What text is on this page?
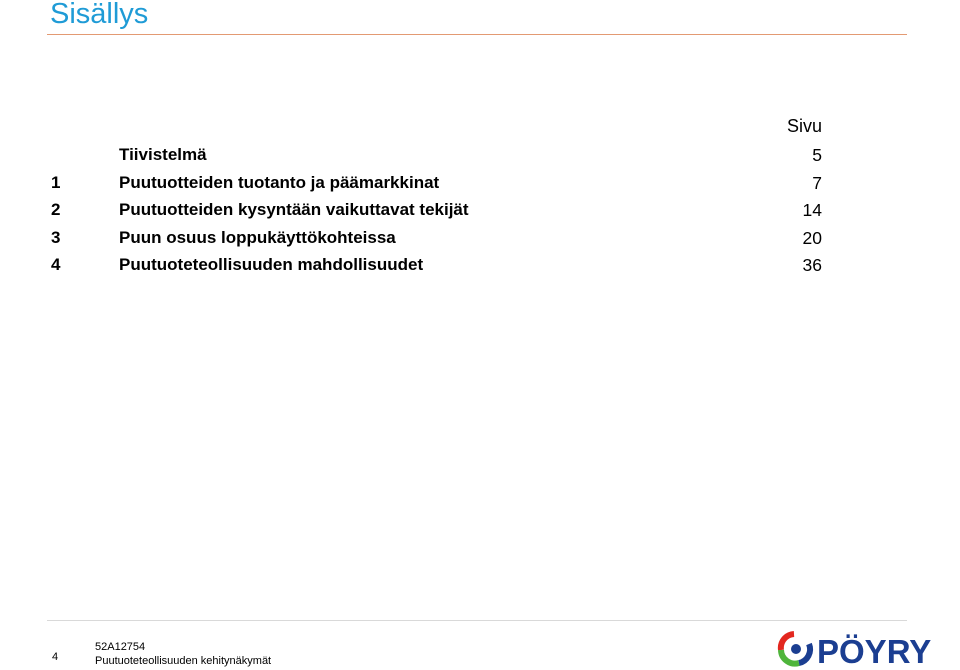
Sisällys
Sivu
Tiivistelmä	5
1	Puutuotteiden tuotanto ja päämarkkinat	7
2	Puutuotteiden kysyntään vaikuttavat tekijät	14
3	Puun osuus loppukäyttökohteissa	20
4	Puutuoteteollisuuden mahdollisuudet	36
4
52A12754
Puutuoteteollisuuden kehitynäkymät	PÖYRY
